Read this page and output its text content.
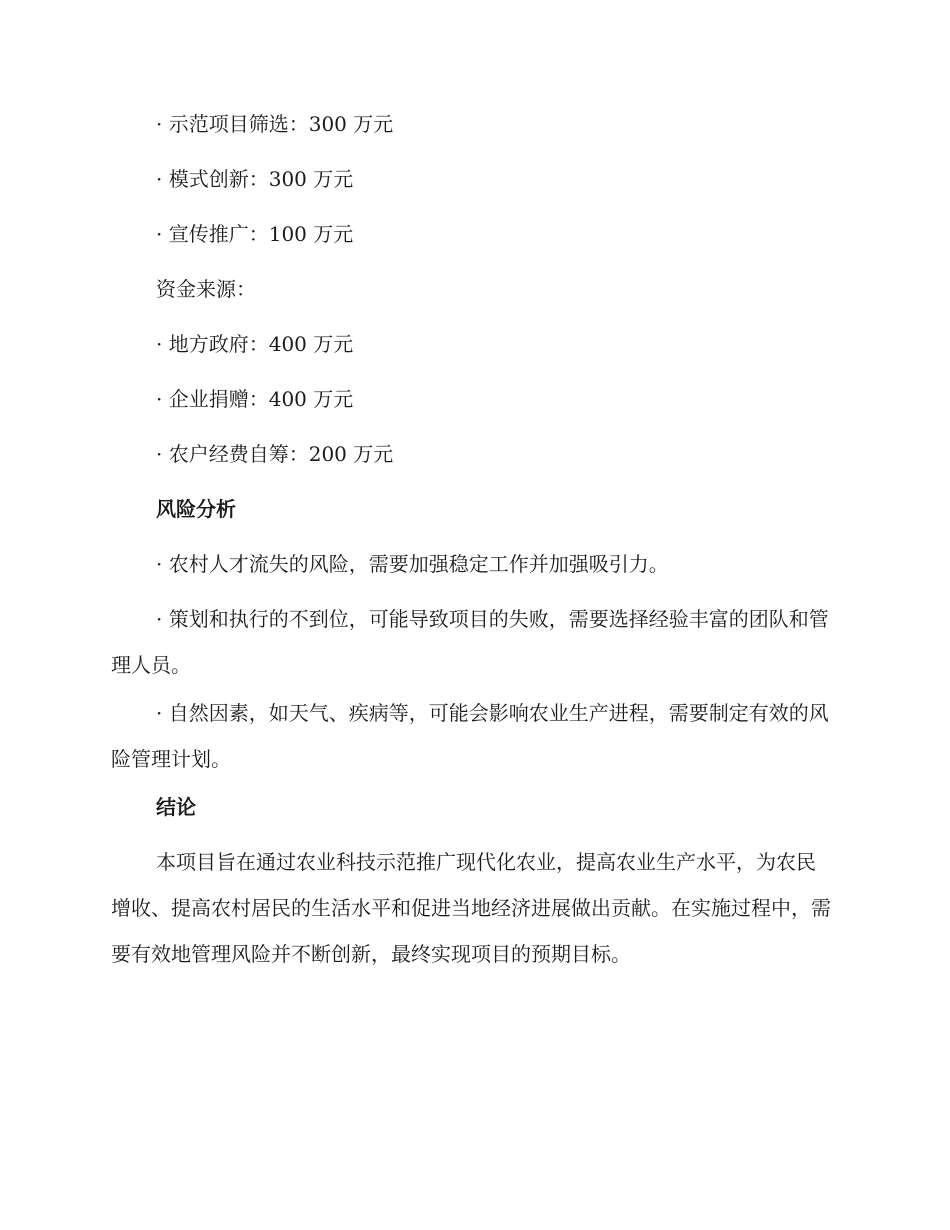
· 示范项目筛选：300 万元

· 模式创新：300 万元

· 宣传推广：100 万元

资金来源：

· 地方政府：400 万元

· 企业捐赠：400 万元

· 农户经费自筹：200 万元

风险分析

· 农村人才流失的风险，需要加强稳定工作并加强吸引力。

· 策划和执行的不到位，可能导致项目的失败，需要选择经验丰富的团队和管理人员。

· 自然因素，如天气、疾病等，可能会影响农业生产进程，需要制定有效的风险管理计划。

结论

本项目旨在通过农业科技示范推广现代化农业，提高农业生产水平，为农民增收、提高农村居民的生活水平和促进当地经济进展做出贡献。在实施过程中，需要有效地管理风险并不断创新，最终实现项目的预期目标。
